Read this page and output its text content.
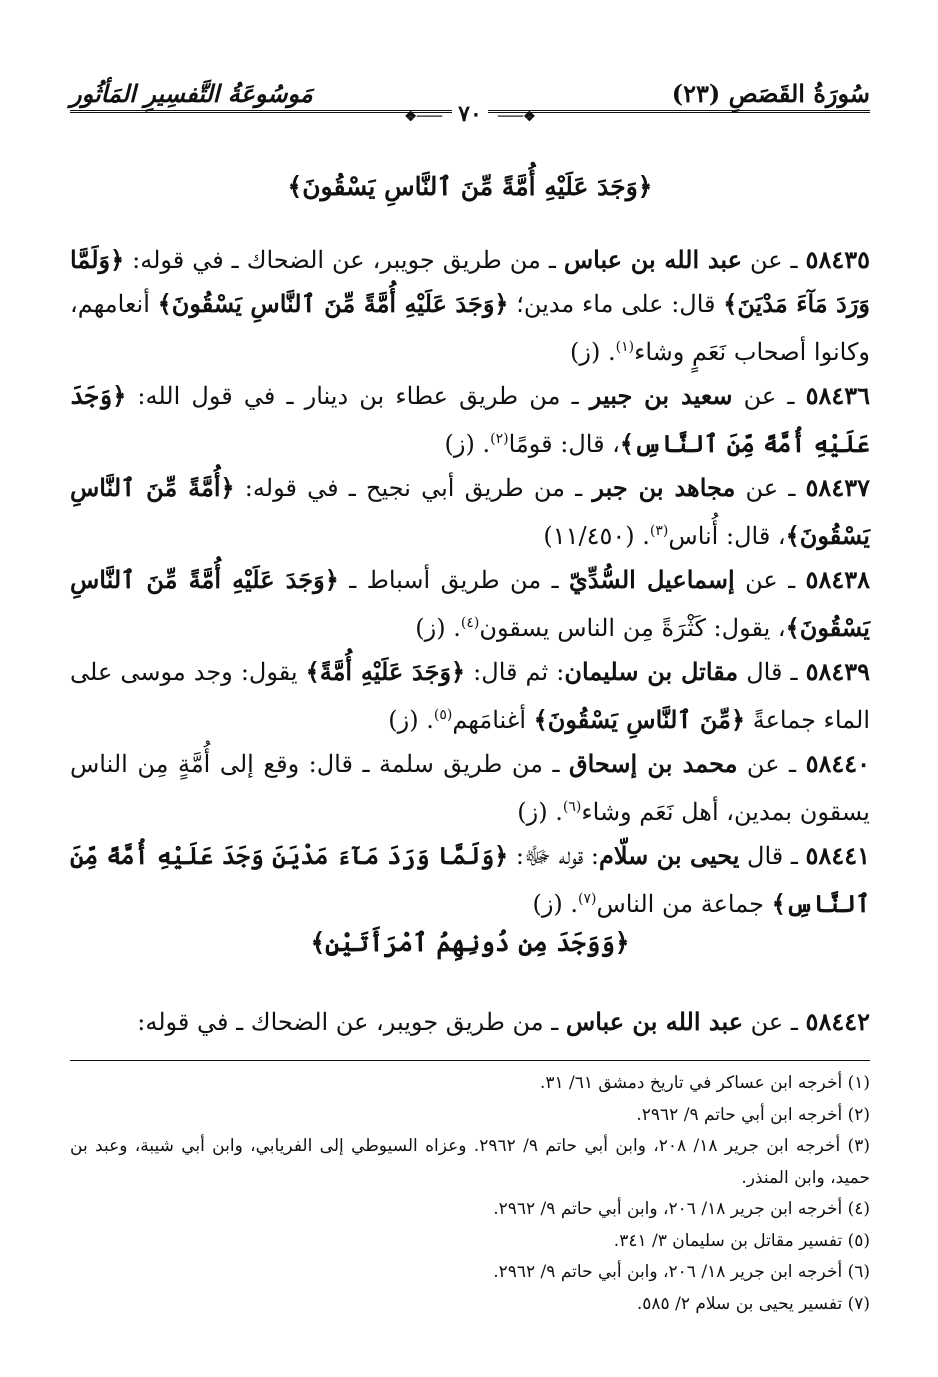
سُورَةُ القَصَصِ (٢٣)
مَوسُوعَةُ التَّفسِيرِ المَأثُور
❖───٧٠───❖
﴿وَجَدَ عَلَيْهِ أُمَّةً مِّنَ ٱلنَّاسِ يَسْقُونَ﴾
٥٨٤٣٥ ـ عن عبد الله بن عباس ـ من طريق جويبر، عن الضحاك ـ في قوله: ﴿وَلَمَّا وَرَدَ مَآءَ مَدْيَنَ﴾ قال: على ماء مدين؛ ﴿وَجَدَ عَلَيْهِ أُمَّةً مِّنَ ٱلنَّاسِ يَسْقُونَ﴾ أنعامهم، وكانوا أصحاب نَعَمٍ وشاء$^{(١)}$. (ز)
٥٨٤٣٦ ـ عن سعيد بن جبير ـ من طريق عطاء بن دينار ـ في قول الله: ﴿وَجَدَ عَلَيْهِ أُمَّةً مِّنَ ٱلنَّاسِ﴾، قال: قومًا$^{(٢)}$. (ز)
٥٨٤٣٧ ـ عن مجاهد بن جبر ـ من طريق أبي نجيح ـ في قوله: ﴿أُمَّةً مِّنَ ٱلنَّاسِ يَسْقُونَ﴾، قال: أُناس$^{(٣)}$. (١١/٤٥٠)
٥٨٤٣٨ ـ عن إسماعيل السُّدِّيّ ـ من طريق أسباط ـ ﴿وَجَدَ عَلَيْهِ أُمَّةً مِّنَ ٱلنَّاسِ يَسْقُونَ﴾، يقول: كَثْرَةً مِن الناس يسقون$^{(٤)}$. (ز)
٥٨٤٣٩ ـ قال مقاتل بن سليمان: ثم قال: ﴿وَجَدَ عَلَيْهِ أُمَّةً﴾ يقول: وجد موسى على الماء جماعةً ﴿مِّنَ ٱلنَّاسِ يَسْقُونَ﴾ أغنامَهم$^{(٥)}$. (ز)
٥٨٤٤٠ ـ عن محمد بن إسحاق ـ من طريق سلمة ـ قال: وقع إلى أُمَّةٍ مِن الناس يسقون بمدين، أهل نَعَم وشاء$^{(٦)}$. (ز)
٥٨٤٤١ ـ قال يحيى بن سلّام: قوله ﷻ: ﴿وَلَمَّا وَرَدَ مَآءَ مَدْيَنَ وَجَدَ عَلَيْهِ أُمَّةً مِّنَ ٱلنَّاسِ﴾ جماعة من الناس$^{(٧)}$. (ز)
﴿وَوَجَدَ مِن دُونِهِمُ ٱمْرَأَتَيْنِ﴾
٥٨٤٤٢ ـ عن عبد الله بن عباس ـ من طريق جويبر، عن الضحاك ـ في قوله:
(١) أخرجه ابن عساكر في تاريخ دمشق ٦١/ ٣١.
(٢) أخرجه ابن أبي حاتم ٩/ ٢٩٦٢.
(٣) أخرجه ابن جرير ١٨/ ٢٠٨، وابن أبي حاتم ٩/ ٢٩٦٢. وعزاه السيوطي إلى الفريابي، وابن أبي شيبة، وعبد بن حميد، وابن المنذر.
(٤) أخرجه ابن جرير ١٨/ ٢٠٦، وابن أبي حاتم ٩/ ٢٩٦٢.
(٥) تفسير مقاتل بن سليمان ٣/ ٣٤١.
(٦) أخرجه ابن جرير ١٨/ ٢٠٦، وابن أبي حاتم ٩/ ٢٩٦٢.
(٧) تفسير يحيى بن سلام ٢/ ٥٨٥.
